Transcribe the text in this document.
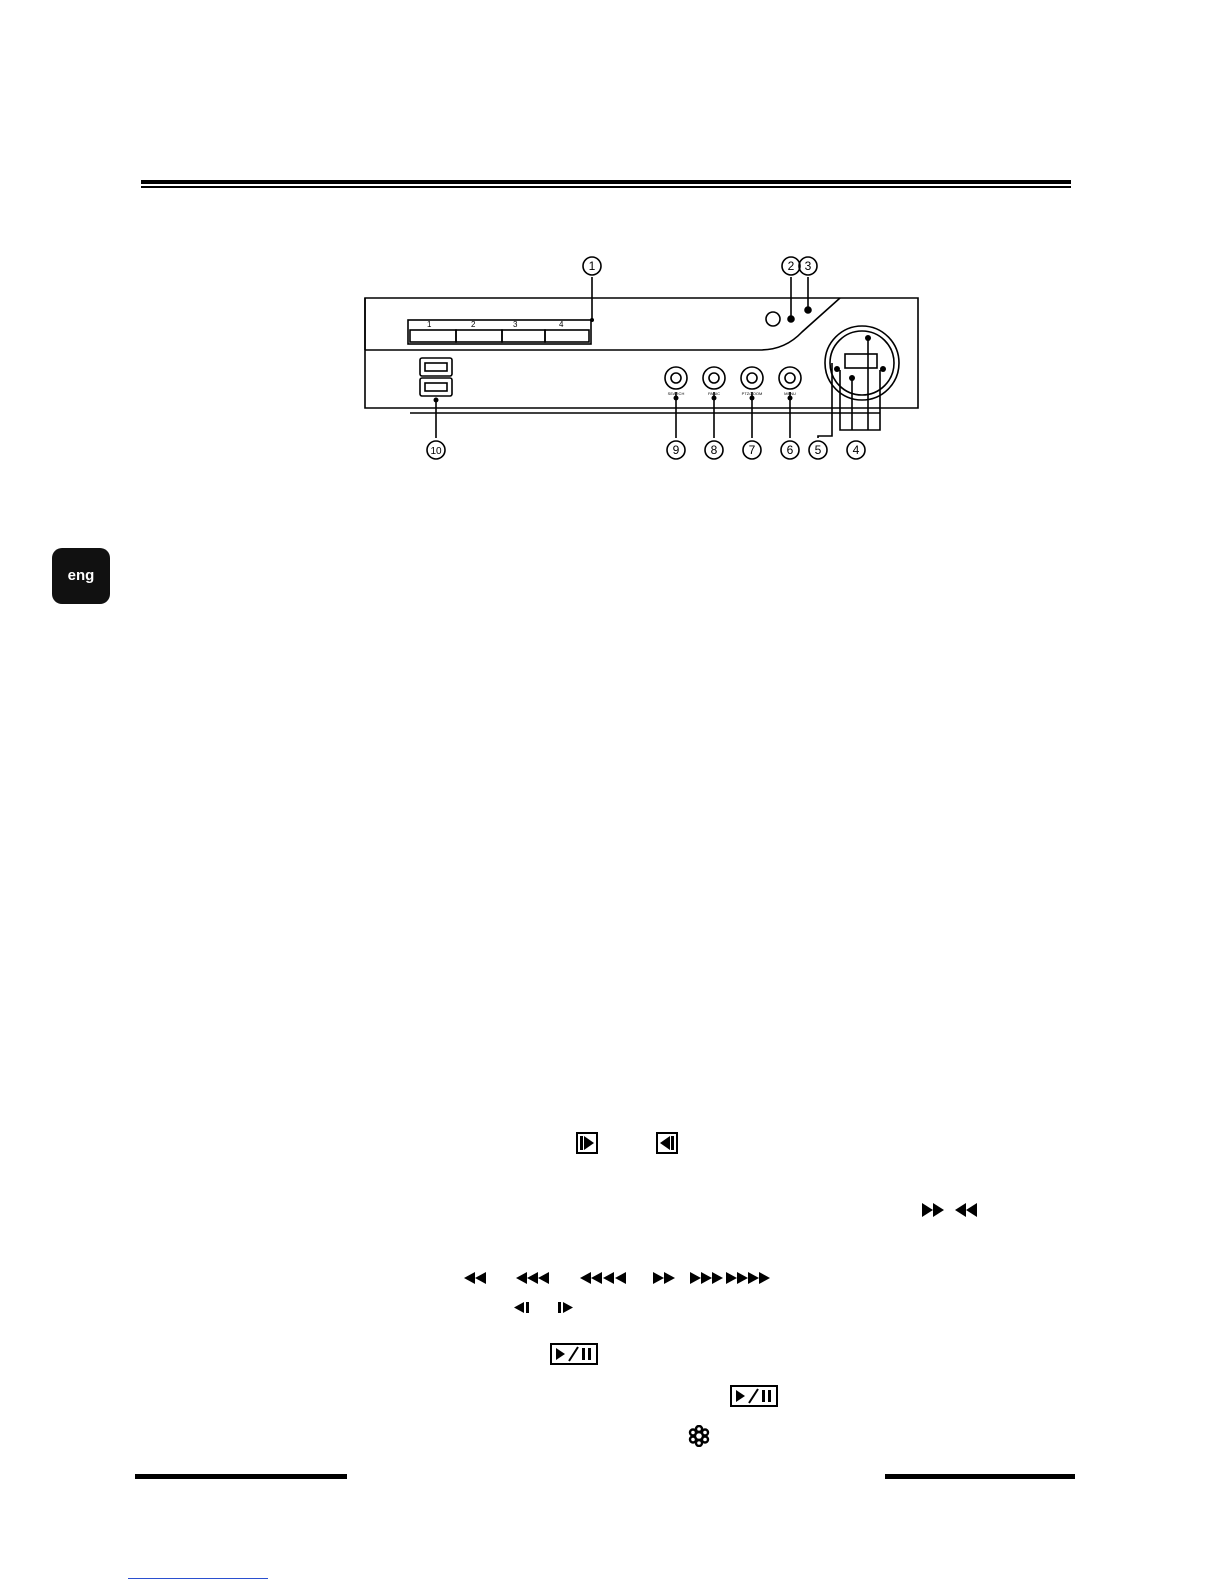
eng
1	2 3
4
5
6
7
8
9
10
1	2	3	4
SEARCH	PANIC	PTZ/ZOOM	MENU
